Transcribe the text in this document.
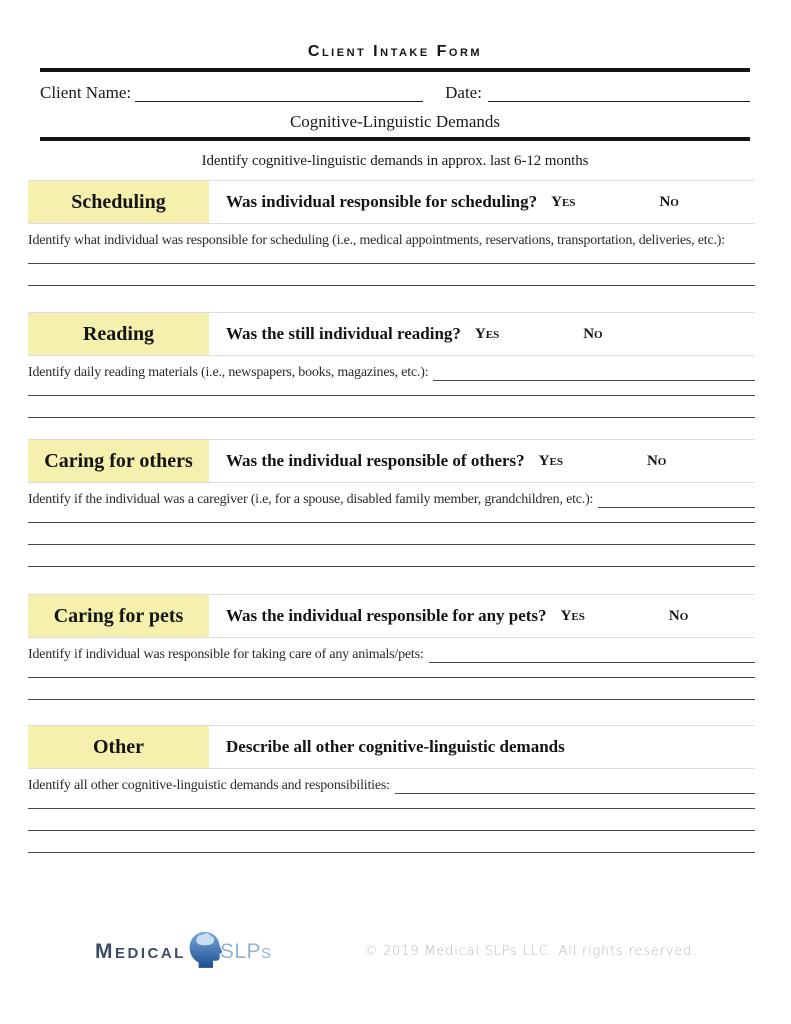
Client Intake Form
Client Name:	Date:
Cognitive-Linguistic Demands
Identify cognitive-linguistic demands in approx. last 6-12 months
Scheduling	Was individual responsible for scheduling? Yes	No
Identify what individual was responsible for scheduling (i.e., medical appointments, reservations, transportation, deliveries, etc.):
Reading	Was the still individual reading? Yes	No
Identify daily reading materials (i.e., newspapers, books, magazines, etc.):
Caring for others	Was the individual responsible of others? Yes	No
Identify if the individual was a caregiver (i.e, for a spouse, disabled family member, grandchildren, etc.):
Caring for pets	Was the individual responsible for any pets? Yes	No
Identify if individual was responsible for taking care of any animals/pets:
Other	Describe all other cognitive-linguistic demands
Identify all other cognitive-linguistic demands and responsibilities:
Medical SLPs	© 2019 Medical SLPs LLC. All rights reserved.
